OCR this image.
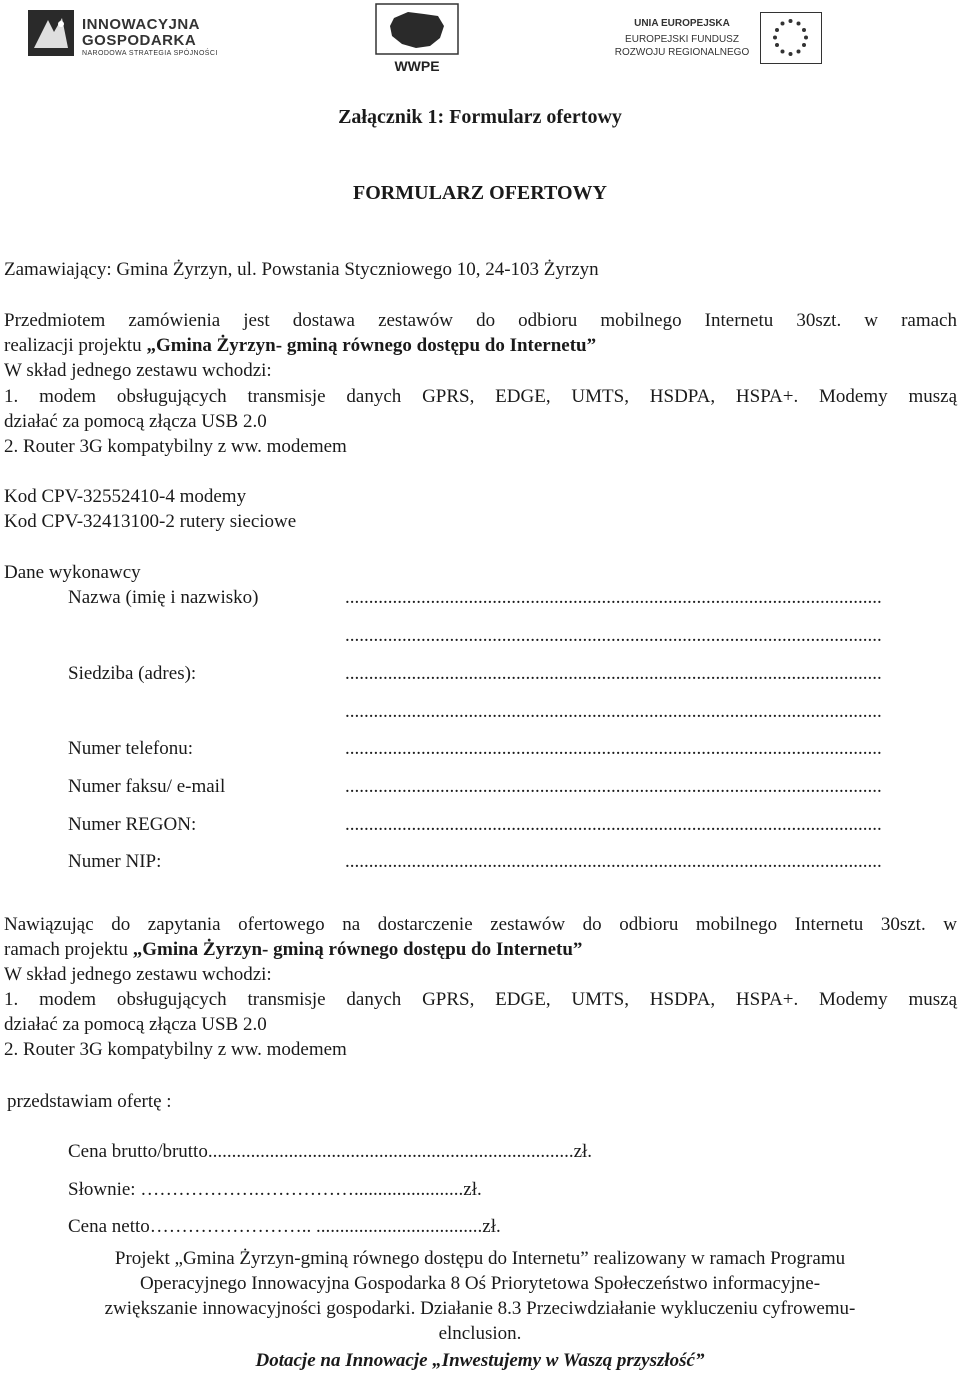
INNOWACYJNA
GOSPODARKA
NARODOWA STRATEGIA SPÓJNOŚCI
WWPE
UNIA EUROPEJSKA
EUROPEJSKI FUNDUSZ
ROZWOJU REGIONALNEGO
Załącznik 1: Formularz ofertowy
FORMULARZ OFERTOWY
Zamawiający: Gmina Żyrzyn, ul. Powstania Styczniowego 10, 24-103 Żyrzyn
Przedmiotem zamówienia jest dostawa zestawów do odbioru mobilnego Internetu 30szt. w ramach
realizacji projektu „Gmina Żyrzyn- gminą równego dostępu do Internetu”
W skład jednego zestawu wchodzi:
1. modem obsługujących transmisje danych GPRS, EDGE, UMTS, HSDPA, HSPA+. Modemy muszą
działać za pomocą złącza USB 2.0
2. Router 3G kompatybilny z ww. modemem
Kod CPV-32552410-4 modemy
Kod CPV-32413100-2 rutery sieciowe
Dane wykonawcy
Nazwa (imię i nazwisko)	.................................................................................................................
.................................................................................................................
Siedziba (adres):	.................................................................................................................
.................................................................................................................
Numer telefonu:	.................................................................................................................
Numer faksu/ e-mail	.................................................................................................................
Numer REGON:	.................................................................................................................
Numer NIP:	.................................................................................................................
Nawiązując do zapytania ofertowego na dostarczenie zestawów do odbioru mobilnego Internetu 30szt. w
ramach projektu „Gmina Żyrzyn- gminą równego dostępu do Internetu”
W skład jednego zestawu wchodzi:
1. modem obsługujących transmisje danych GPRS, EDGE, UMTS, HSDPA, HSPA+. Modemy muszą
działać za pomocą złącza USB 2.0
2. Router 3G kompatybilny z ww. modemem
przedstawiam ofertę :
Cena brutto/brutto.............................................................................zł.
Słownie: ……………….…………….......................zł.
Cena netto…………………….. ...................................zł.
Projekt „Gmina Żyrzyn-gminą równego dostępu do Internetu” realizowany w ramach Programu
Operacyjnego Innowacyjna Gospodarka 8 Oś Priorytetowa Społeczeństwo informacyjne-
zwiększanie innowacyjności gospodarki. Działanie 8.3 Przeciwdziałanie wykluczeniu cyfrowemu-
elnclusion.
Dotacje na Innowacje „Inwestujemy w Waszą przyszłość”
